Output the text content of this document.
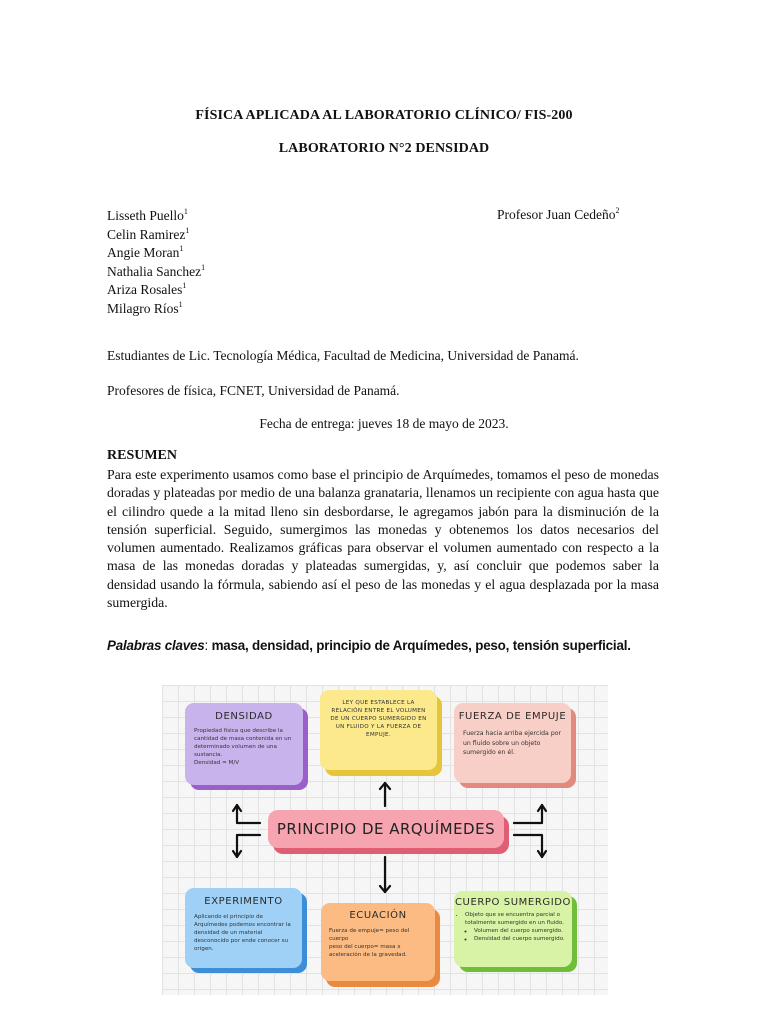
FÍSICA APLICADA AL LABORATORIO CLÍNICO/ FIS-200
LABORATORIO N°2 DENSIDAD
Lisseth Puello$^1$
Celin Ramirez$^1$
Angie Moran$^1$
Nathalia Sanchez$^1$
Ariza Rosales$^1$
Milagro Ríos$^1$
Profesor Juan Cedeño$^2$
Estudiantes de Lic. Tecnología Médica, Facultad de Medicina, Universidad de Panamá.
Profesores de física, FCNET, Universidad de Panamá.
Fecha de entrega: jueves 18 de mayo de 2023.
RESUMEN
Para este experimento usamos como base el principio de Arquímedes, tomamos el peso de monedas doradas y plateadas por medio de una balanza granataria, llenamos un recipiente con agua hasta que el cilindro quede a la mitad lleno sin desbordarse, le agregamos jabón para la disminución de la tensión superficial. Seguido, sumergimos las monedas y obtenemos los datos necesarios del volumen aumentado. Realizamos gráficas para observar el volumen aumentado con respecto a la masa de las monedas doradas y plateadas sumergidas, y, así concluir que podemos saber la densidad usando la fórmula, sabiendo así el peso de las monedas y el agua desplazada por la masa sumergida.
Palabras claves: masa, densidad, principio de Arquímedes, peso, tensión superficial.
DENSIDAD
Propiedad física que describe la cantidad de masa contenida en un determinado volumen de una sustancia.
Densidad = M/V
LEY QUE ESTABLECE LA RELACIÓN ENTRE EL VOLUMEN DE UN CUERPO SUMERGIDO EN UN FLUIDO Y LA FUERZA DE EMPUJE.
FUERZA DE EMPUJE
Fuerza hacia arriba ejercida por un fluido sobre un objeto sumergido en él.
PRINCIPIO DE ARQUÍMEDES
EXPERIMENTO
Aplicando el principio de Arquímedes podemos encontrar la densidad de un material desconocido por ende conocer su origen.
ECUACIÓN
Fuerza de empuje= peso del cuerpo
peso del cuerpo= masa x aceleración de la gravedad.
CUERPO SUMERGIDO
• Objeto que se encuentra parcial o totalmente sumergido en un fluido.
◦ Volumen del cuerpo sumergido.
◦ Densidad del cuerpo sumergido.
